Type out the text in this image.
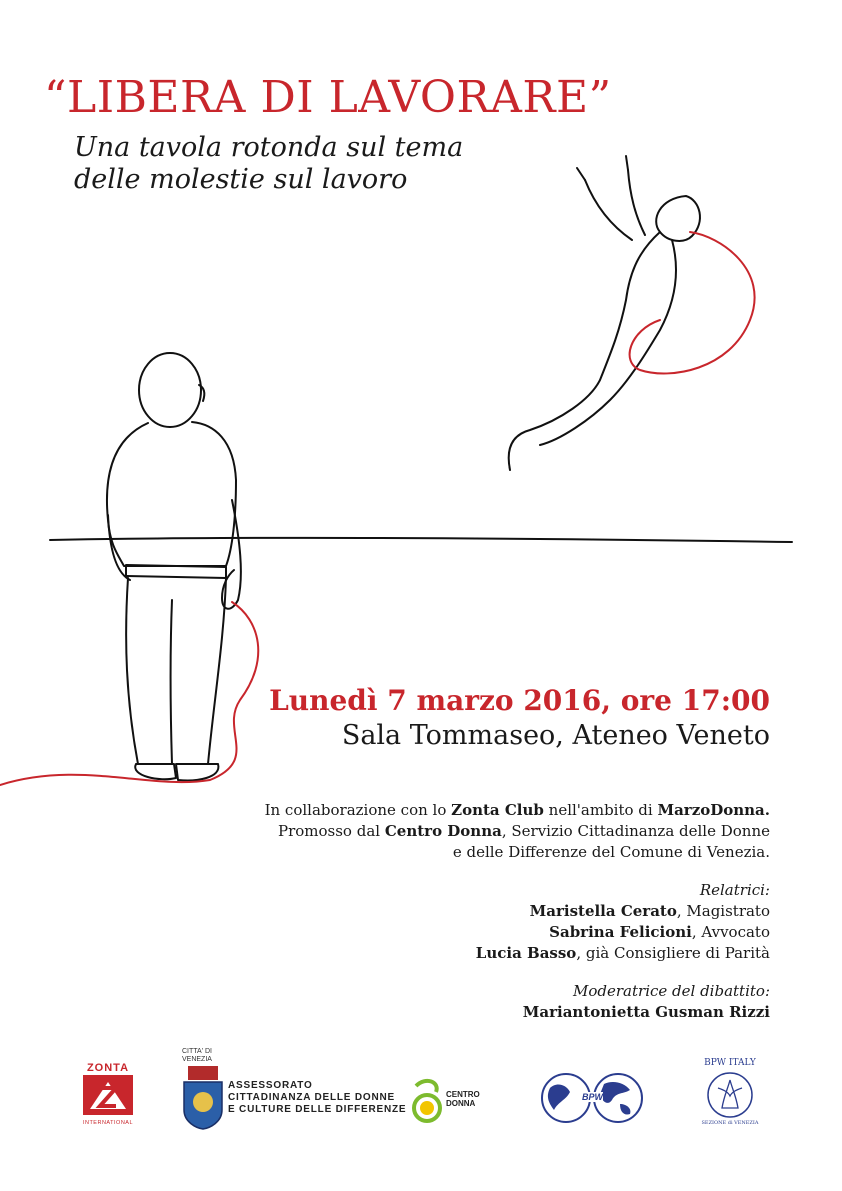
“LIBERA DI LAVORARE”
Una tavola rotonda sul tema
delle molestie sul lavoro
Lunedì 7 marzo 2016, ore 17:00
Sala Tommaseo, Ateneo Veneto
In collaborazione con lo Zonta Club nell'ambito di MarzoDonna.
Promosso dal Centro Donna, Servizio Cittadinanza delle Donne
e delle Differenze del Comune di Venezia.
Relatrici:
Maristella Cerato, Magistrato
Sabrina Felicioni, Avvocato
Lucia Basso, già Consigliere di Parità
Moderatrice del dibattito:
Mariantonietta Gusman Rizzi
ZONTA
INTERNATIONAL
CITTA' DI
VENEZIA
ASSESSORATO
CITTADINANZA DELLE DONNE
E CULTURE DELLE DIFFERENZE
CENTRO
DONNA
BPW
BPW ITALY
SEZIONE di VENEZIA
